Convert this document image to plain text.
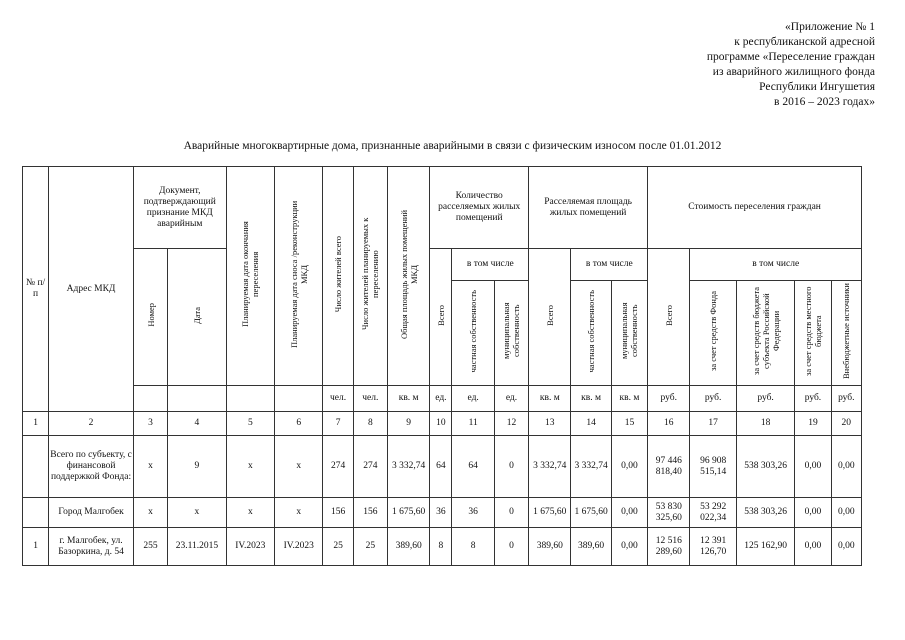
«Приложение № 1
к республиканской адресной
программе «Переселение граждан
из аварийного жилищного фонда
Республики Ингушетия
в 2016 – 2023 годах»
Аварийные многоквартирные дома, признанные аварийными в связи с физическим износом после 01.01.2012
№ п/п	Адрес МКД	Документ, подтверждающий признание МКД аварийным		Планируемая дата окончания переселения	Планируемая дата сноса /реконструкции МКД	Число жителей всего	Число жителей планируемых к переселению	Общая площадь жилых помещений МКД	Количество расселяемых жилых помещений			Расселяемая площадь жилых помещений			Стоимость переселения граждан				
		Номер	Дата						Всего	в том числе		Всего	в том числе		Всего	в том числе			
										частная собственность	муниципальная собственность		частная собственность	муниципальная собственность		за счет средств Фонда	за счет средств бюджета субъекта Российской Федерации	за счет средств местного бюджета	Внебюджетные источники
						чел.	чел.	кв. м	ед.	ед.	ед.	кв. м	кв. м	кв. м	руб.	руб.	руб.	руб.	руб.
1	2	3	4	5	6	7	8	9	10	11	12	13	14	15	16	17	18	19	20
	Всего по субъекту, с финансовой поддержкой Фонда:	x	9	x	x	274	274	3 332,74	64	64	0	3 332,74	3 332,74	0,00	97 446 818,40	96 908 515,14	538 303,26	0,00	0,00
	Город Малгобек	x	x	x	x	156	156	1 675,60	36	36	0	1 675,60	1 675,60	0,00	53 830 325,60	53 292 022,34	538 303,26	0,00	0,00
1	г. Малгобек, ул. Базоркина, д. 54	255	23.11.2015	IV.2023	IV.2023	25	25	389,60	8	8	0	389,60	389,60	0,00	12 516 289,60	12 391 126,70	125 162,90	0,00	0,00
